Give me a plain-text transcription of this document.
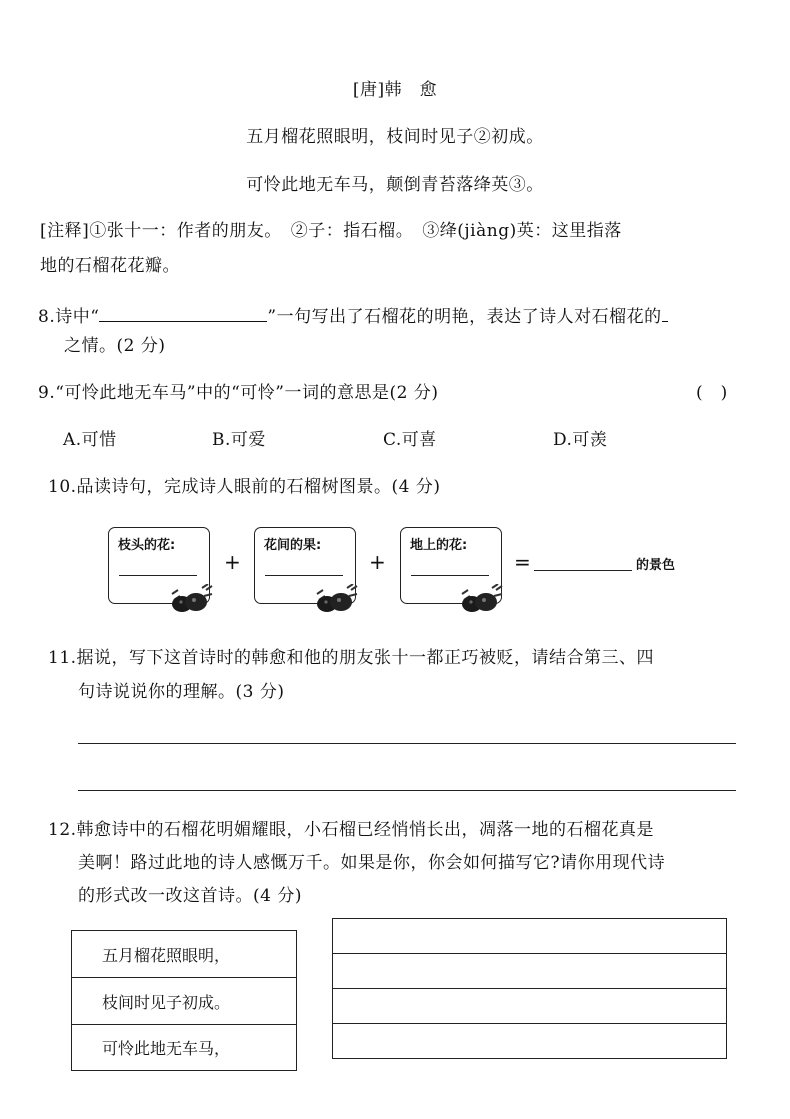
[唐]韩　愈
五月榴花照眼明，枝间时见子②初成。
可怜此地无车马，颠倒青苔落绛英③。
[注释]①张十一：作者的朋友。　②子：指石榴。　③绛(jiàng)英：这里指落
地的石榴花花瓣。
8.诗中“	”一句写出了石榴花的明艳，表达了诗人对石榴花的
之情。(2 分)
9.“可怜此地无车马”中的“可怜”一词的意思是(2 分)	(　)
A.可惜	B.可爱	C.可喜	D.可羡
10.品读诗句，完成诗人眼前的石榴树图景。(4 分)
枝头的花:
+
花间的果:
+
地上的花:
=	的景色
11.据说，写下这首诗时的韩愈和他的朋友张十一都正巧被贬，请结合第三、四
句诗说说你的理解。(3 分)
12.韩愈诗中的石榴花明媚耀眼，小石榴已经悄悄长出，凋落一地的石榴花真是
美啊！路过此地的诗人感慨万千。如果是你，你会如何描写它?请你用现代诗
的形式改一改这首诗。(4 分)
五月榴花照眼明，
枝间时见子初成。
可怜此地无车马，
